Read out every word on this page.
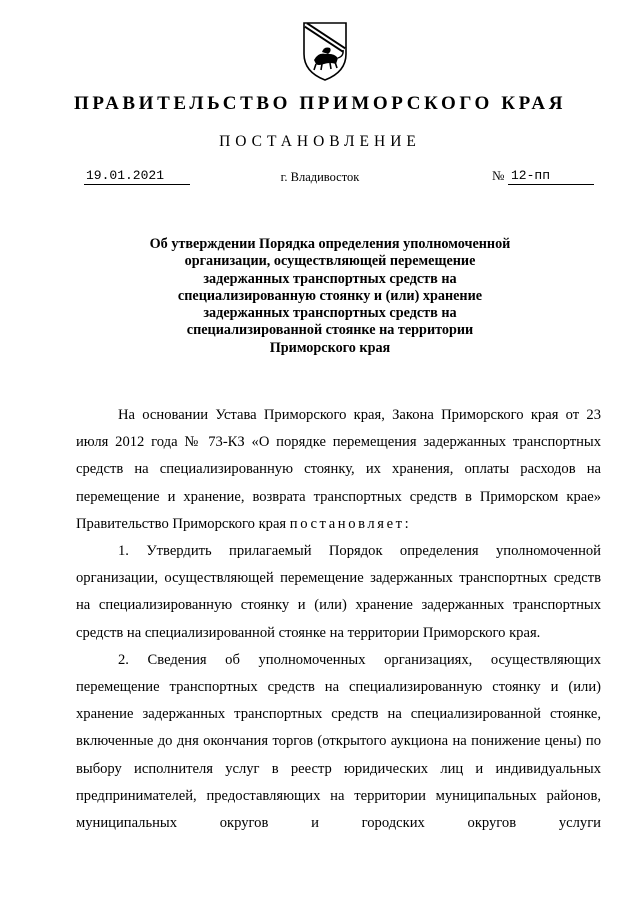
ПРАВИТЕЛЬСТВО ПРИМОРСКОГО КРАЯ
ПОСТАНОВЛЕНИЕ
19.01.2021	г. Владивосток	№ 12-пп
Об утверждении Порядка определения уполномоченной
организации, осуществляющей перемещение
задержанных транспортных средств на
специализированную стоянку и (или) хранение
задержанных транспортных средств на
специализированной стоянке на территории
Приморского края

На основании Устава Приморского края, Закона Приморского края от 23 июля 2012 года № 73-КЗ «О порядке перемещения задержанных транспортных средств на специализированную стоянку, их хранения, оплаты расходов на перемещение и хранение, возврата транспортных средств в Приморском крае» Правительство Приморского края постановляет:

1. Утвердить прилагаемый Порядок определения уполномоченной организации, осуществляющей перемещение задержанных транспортных средств на специализированную стоянку и (или) хранение задержанных транспортных средств на специализированной стоянке на территории Приморского края.

2. Сведения об уполномоченных организациях, осуществляющих перемещение транспортных средств на специализированную стоянку и (или) хранение задержанных транспортных средств на специализированной стоянке, включенные до дня окончания торгов (открытого аукциона на понижение цены) по выбору исполнителя услуг в реестр юридических лиц и индивидуальных предпринимателей, предоставляющих на территории муниципальных районов, муниципальных округов и городских округов услуги
